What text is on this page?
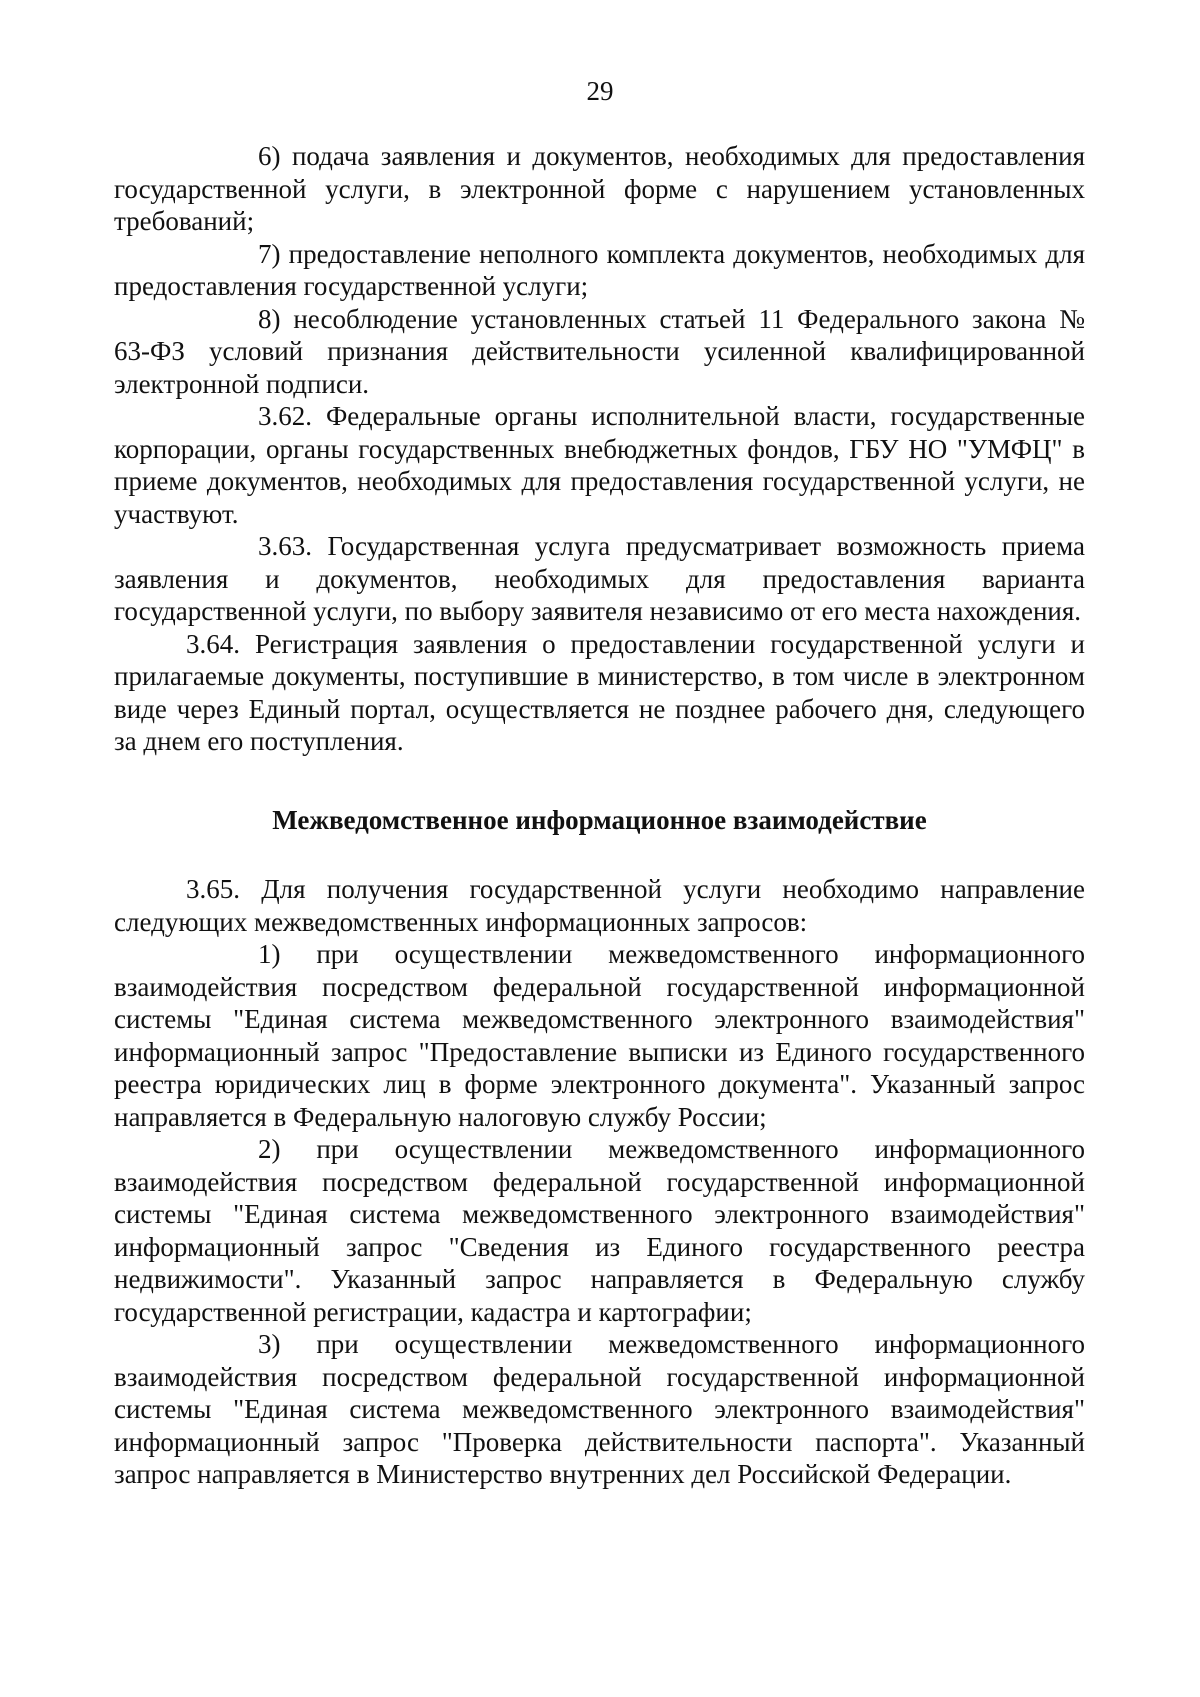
29

6) подача заявления и документов, необходимых для предоставления государственной услуги, в электронной форме с нарушением установленных требований;

7) предоставление неполного комплекта документов, необходимых для предоставления государственной услуги;

8) несоблюдение установленных статьей 11 Федерального закона № 63-ФЗ условий признания действительности усиленной квалифицированной электронной подписи.

3.62. Федеральные органы исполнительной власти, государственные корпорации, органы государственных внебюджетных фондов, ГБУ НО "УМФЦ" в приеме документов, необходимых для предоставления государственной услуги, не участвуют.

3.63. Государственная услуга предусматривает возможность приема заявления и документов, необходимых для предоставления варианта государственной услуги, по выбору заявителя независимо от его места нахождения.

3.64. Регистрация заявления о предоставлении государственной услуги и прилагаемые документы, поступившие в министерство, в том числе в электронном виде через Единый портал, осуществляется не позднее рабочего дня, следующего за днем его поступления.

Межведомственное информационное взаимодействие

3.65. Для получения государственной услуги необходимо направление следующих межведомственных информационных запросов:

1) при осуществлении межведомственного информационного взаимодействия посредством федеральной государственной информационной системы "Единая система межведомственного электронного взаимодействия" информационный запрос "Предоставление выписки из Единого государственного реестра юридических лиц в форме электронного документа". Указанный запрос направляется в Федеральную налоговую службу России;

2) при осуществлении межведомственного информационного взаимодействия посредством федеральной государственной информационной системы "Единая система межведомственного электронного взаимодействия" информационный запрос "Сведения из Единого государственного реестра недвижимости". Указанный запрос направляется в Федеральную службу государственной регистрации, кадастра и картографии;

3) при осуществлении межведомственного информационного взаимодействия посредством федеральной государственной информационной системы "Единая система межведомственного электронного взаимодействия" информационный запрос "Проверка действительности паспорта". Указанный запрос направляется в Министерство внутренних дел Российской Федерации.
